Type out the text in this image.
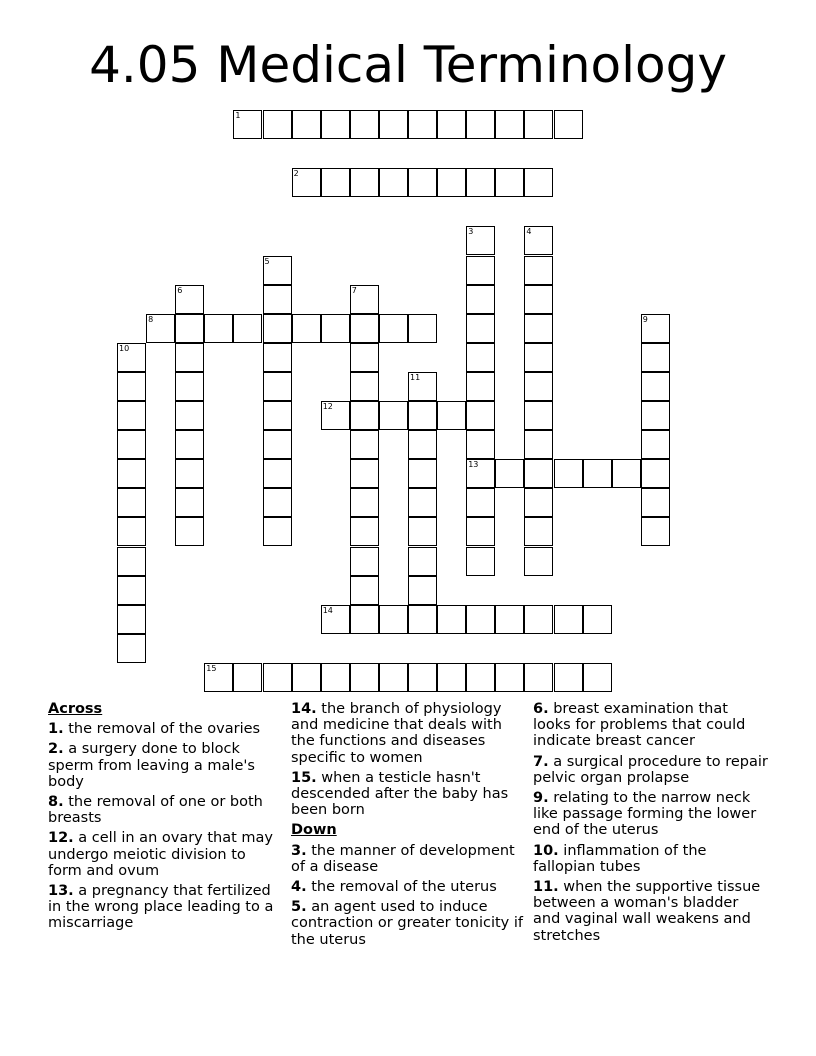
4.05 Medical Terminology
1
2
3
13
4
5
6	7
8	9
10
11
12
14
15
Across
1. the removal of the ovaries
2. a surgery done to block sperm from leaving a male's body
8. the removal of one or both breasts
12. a cell in an ovary that may undergo meiotic division to form and ovum
13. a pregnancy that fertilized in the wrong place leading to a miscarriage
14. the branch of physiology and medicine that deals with the functions and diseases specific to women
15. when a testicle hasn't descended after the baby has been born
Down
3. the manner of development of a disease
4. the removal of the uterus
5. an agent used to induce contraction or greater tonicity if the uterus
6. breast examination that looks for problems that could indicate breast cancer
7. a surgical procedure to repair pelvic organ prolapse
9. relating to the narrow neck like passage forming the lower end of the uterus
10. inflammation of the fallopian tubes
11. when the supportive tissue between a woman's bladder and vaginal wall weakens and stretches
